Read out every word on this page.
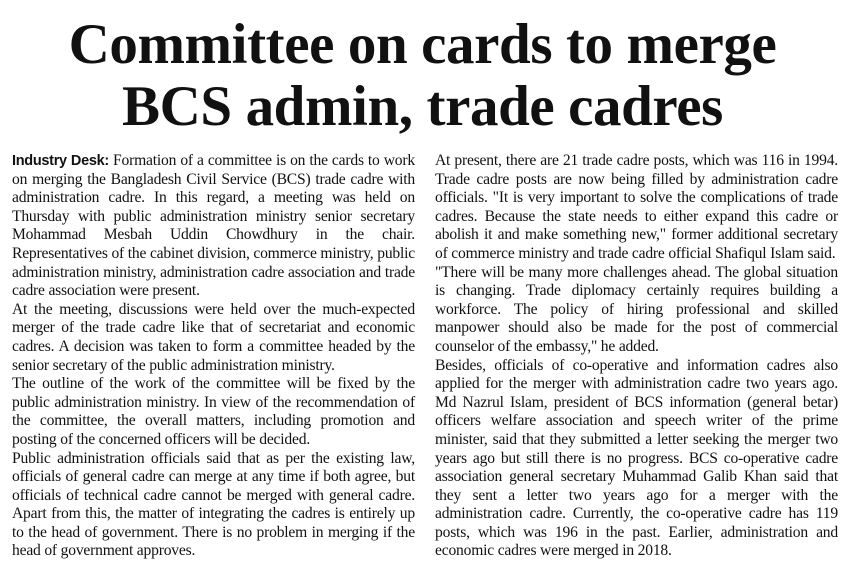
Committee on cards to merge
BCS admin, trade cadres

Industry Desk: Formation of a committee is on the cards to work on merging the Bangladesh Civil Service (BCS) trade cadre with administration cadre. In this regard, a meeting was held on Thursday with public administration ministry senior secretary Mohammad Mesbah Uddin Chowdhury in the chair. Representatives of the cabinet division, commerce ministry, public administration ministry, administration cadre association and trade cadre association were present.

At the meeting, discussions were held over the much-expected merger of the trade cadre like that of secretariat and economic cadres. A decision was taken to form a committee headed by the senior secretary of the public administration ministry.

The outline of the work of the committee will be fixed by the public administration ministry. In view of the recommendation of the committee, the overall matters, including promotion and posting of the concerned officers will be decided.

Public administration officials said that as per the existing law, officials of general cadre can merge at any time if both agree, but officials of technical cadre cannot be merged with general cadre. Apart from this, the matter of integrating the cadres is entirely up to the head of government. There is no problem in merging if the head of government approves.

At present, there are 21 trade cadre posts, which was 116 in 1994. Trade cadre posts are now being filled by administration cadre officials. "It is very important to solve the complications of trade cadres. Because the state needs to either expand this cadre or abolish it and make something new," former additional secretary of commerce ministry and trade cadre official Shafiqul Islam said.

"There will be many more challenges ahead. The global situation is changing. Trade diplomacy certainly requires building a workforce. The policy of hiring professional and skilled manpower should also be made for the post of commercial counselor of the embassy," he added.

Besides, officials of co-operative and information cadres also applied for the merger with administration cadre two years ago. Md Nazrul Islam, president of BCS information (general betar) officers welfare association and speech writer of the prime minister, said that they submitted a letter seeking the merger two years ago but still there is no progress. BCS co-operative cadre association general secretary Muhammad Galib Khan said that they sent a letter two years ago for a merger with the administration cadre. Currently, the co-operative cadre has 119 posts, which was 196 in the past. Earlier, administration and economic cadres were merged in 2018.
